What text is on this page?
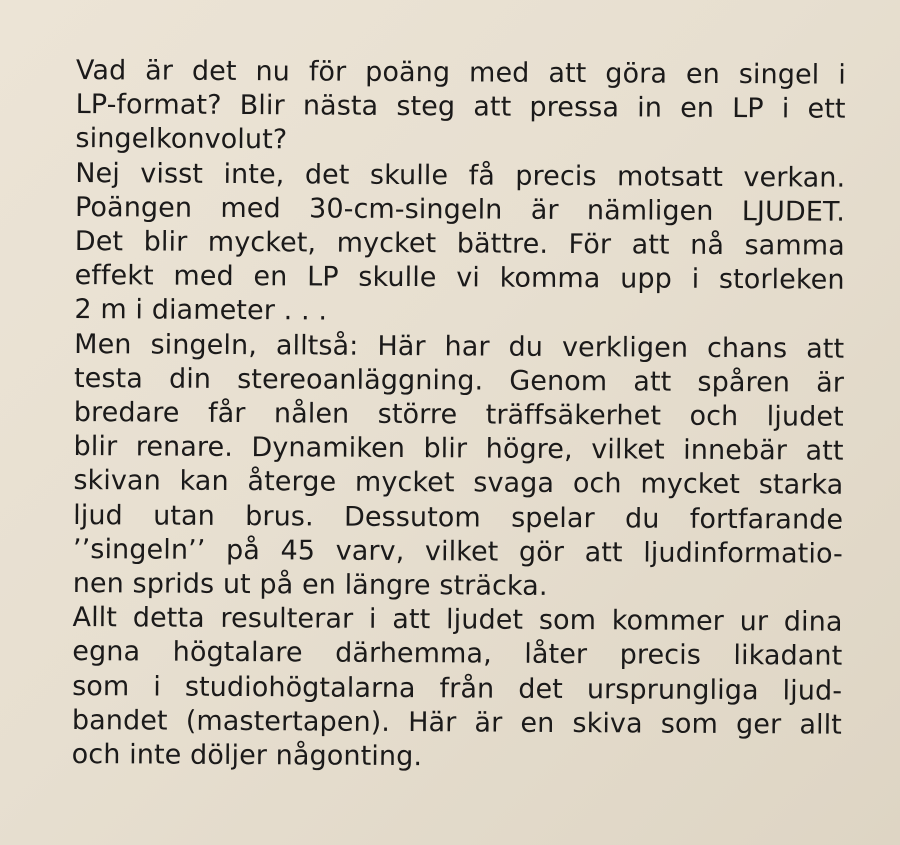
Vad är det nu för poäng med att göra en singel i
LP-format? Blir nästa steg att pressa in en LP i ett
singelkonvolut?
Nej visst inte, det skulle få precis motsatt verkan.
Poängen med 30-cm-singeln är nämligen LJUDET.
Det blir mycket, mycket bättre. För att nå samma
effekt med en LP skulle vi komma upp i storleken
2 m i diameter . . .
Men singeln, alltså: Här har du verkligen chans att
testa din stereoanläggning. Genom att spåren är
bredare får nålen större träffsäkerhet och ljudet
blir renare. Dynamiken blir högre, vilket innebär att
skivan kan återge mycket svaga och mycket starka
ljud utan brus. Dessutom spelar du fortfarande
’’singeln’’ på 45 varv, vilket gör att ljudinformatio-
nen sprids ut på en längre sträcka.
Allt detta resulterar i att ljudet som kommer ur dina
egna högtalare därhemma, låter precis likadant
som i studiohögtalarna från det ursprungliga ljud-
bandet (mastertapen). Här är en skiva som ger allt
och inte döljer någonting.
